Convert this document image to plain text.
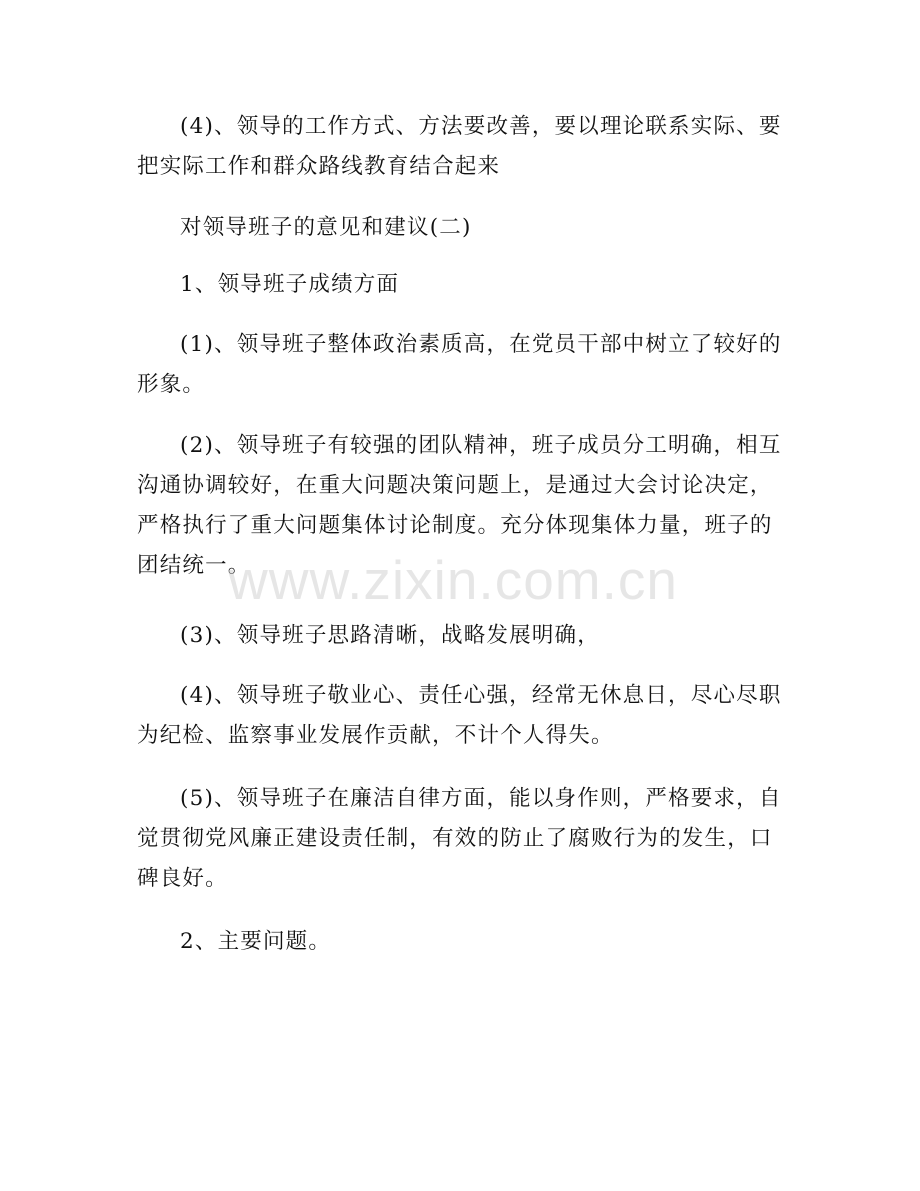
(4)、领导的工作方式、方法要改善，要以理论联系实际、要把实际工作和群众路线教育结合起来

对领导班子的意见和建议(二)

1、领导班子成绩方面

(1)、领导班子整体政治素质高，在党员干部中树立了较好的形象。

(2)、领导班子有较强的团队精神，班子成员分工明确，相互沟通协调较好，在重大问题决策问题上，是通过大会讨论决定，严格执行了重大问题集体讨论制度。充分体现集体力量，班子的团结统一。

(3)、领导班子思路清晰，战略发展明确，

(4)、领导班子敬业心、责任心强，经常无休息日，尽心尽职为纪检、监察事业发展作贡献，不计个人得失。

(5)、领导班子在廉洁自律方面，能以身作则，严格要求，自觉贯彻党风廉正建设责任制，有效的防止了腐败行为的发生，口碑良好。

2、主要问题。

www.zixin.com.cn
